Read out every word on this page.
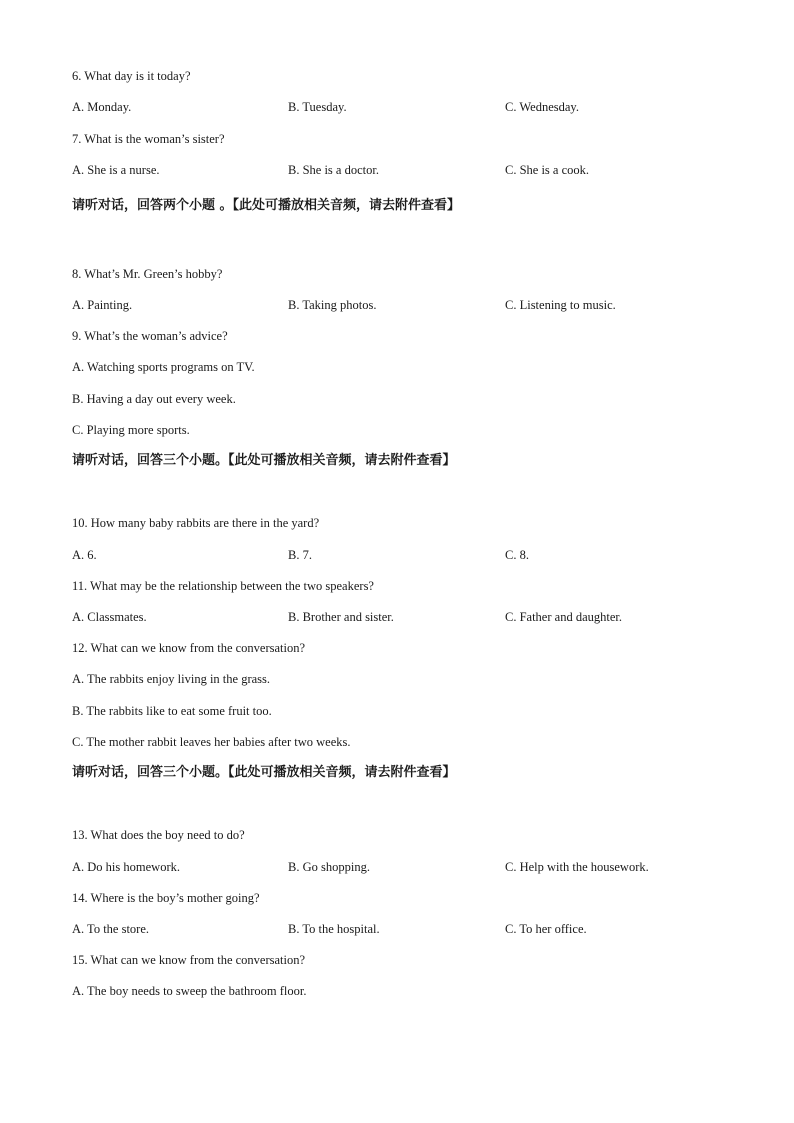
6. What day is it today?
A. Monday.	B. Tuesday.	C. Wednesday.
7. What is the woman’s sister?
A. She is a nurse.	B. She is a doctor.	C. She is a cook.
请听对话，回答两个小题 。【此处可播放相关音频，请去附件查看】
8. What’s Mr. Green’s hobby?
A. Painting.	B. Taking photos.	C. Listening to music.
9. What’s the woman’s advice?
A. Watching sports programs on TV.
B. Having a day out every week.
C. Playing more sports.
请听对话，回答三个小题。【此处可播放相关音频，请去附件查看】
10. How many baby rabbits are there in the yard?
A. 6.	B. 7.	C. 8.
11. What may be the relationship between the two speakers?
A. Classmates.	B. Brother and sister.	C. Father and daughter.
12. What can we know from the conversation?
A. The rabbits enjoy living in the grass.
B. The rabbits like to eat some fruit too.
C. The mother rabbit leaves her babies after two weeks.
请听对话，回答三个小题。【此处可播放相关音频，请去附件查看】
13. What does the boy need to do?
A. Do his homework.	B. Go shopping.	C. Help with the housework.
14. Where is the boy’s mother going?
A. To the store.	B. To the hospital.	C. To her office.
15. What can we know from the conversation?
A. The boy needs to sweep the bathroom floor.
